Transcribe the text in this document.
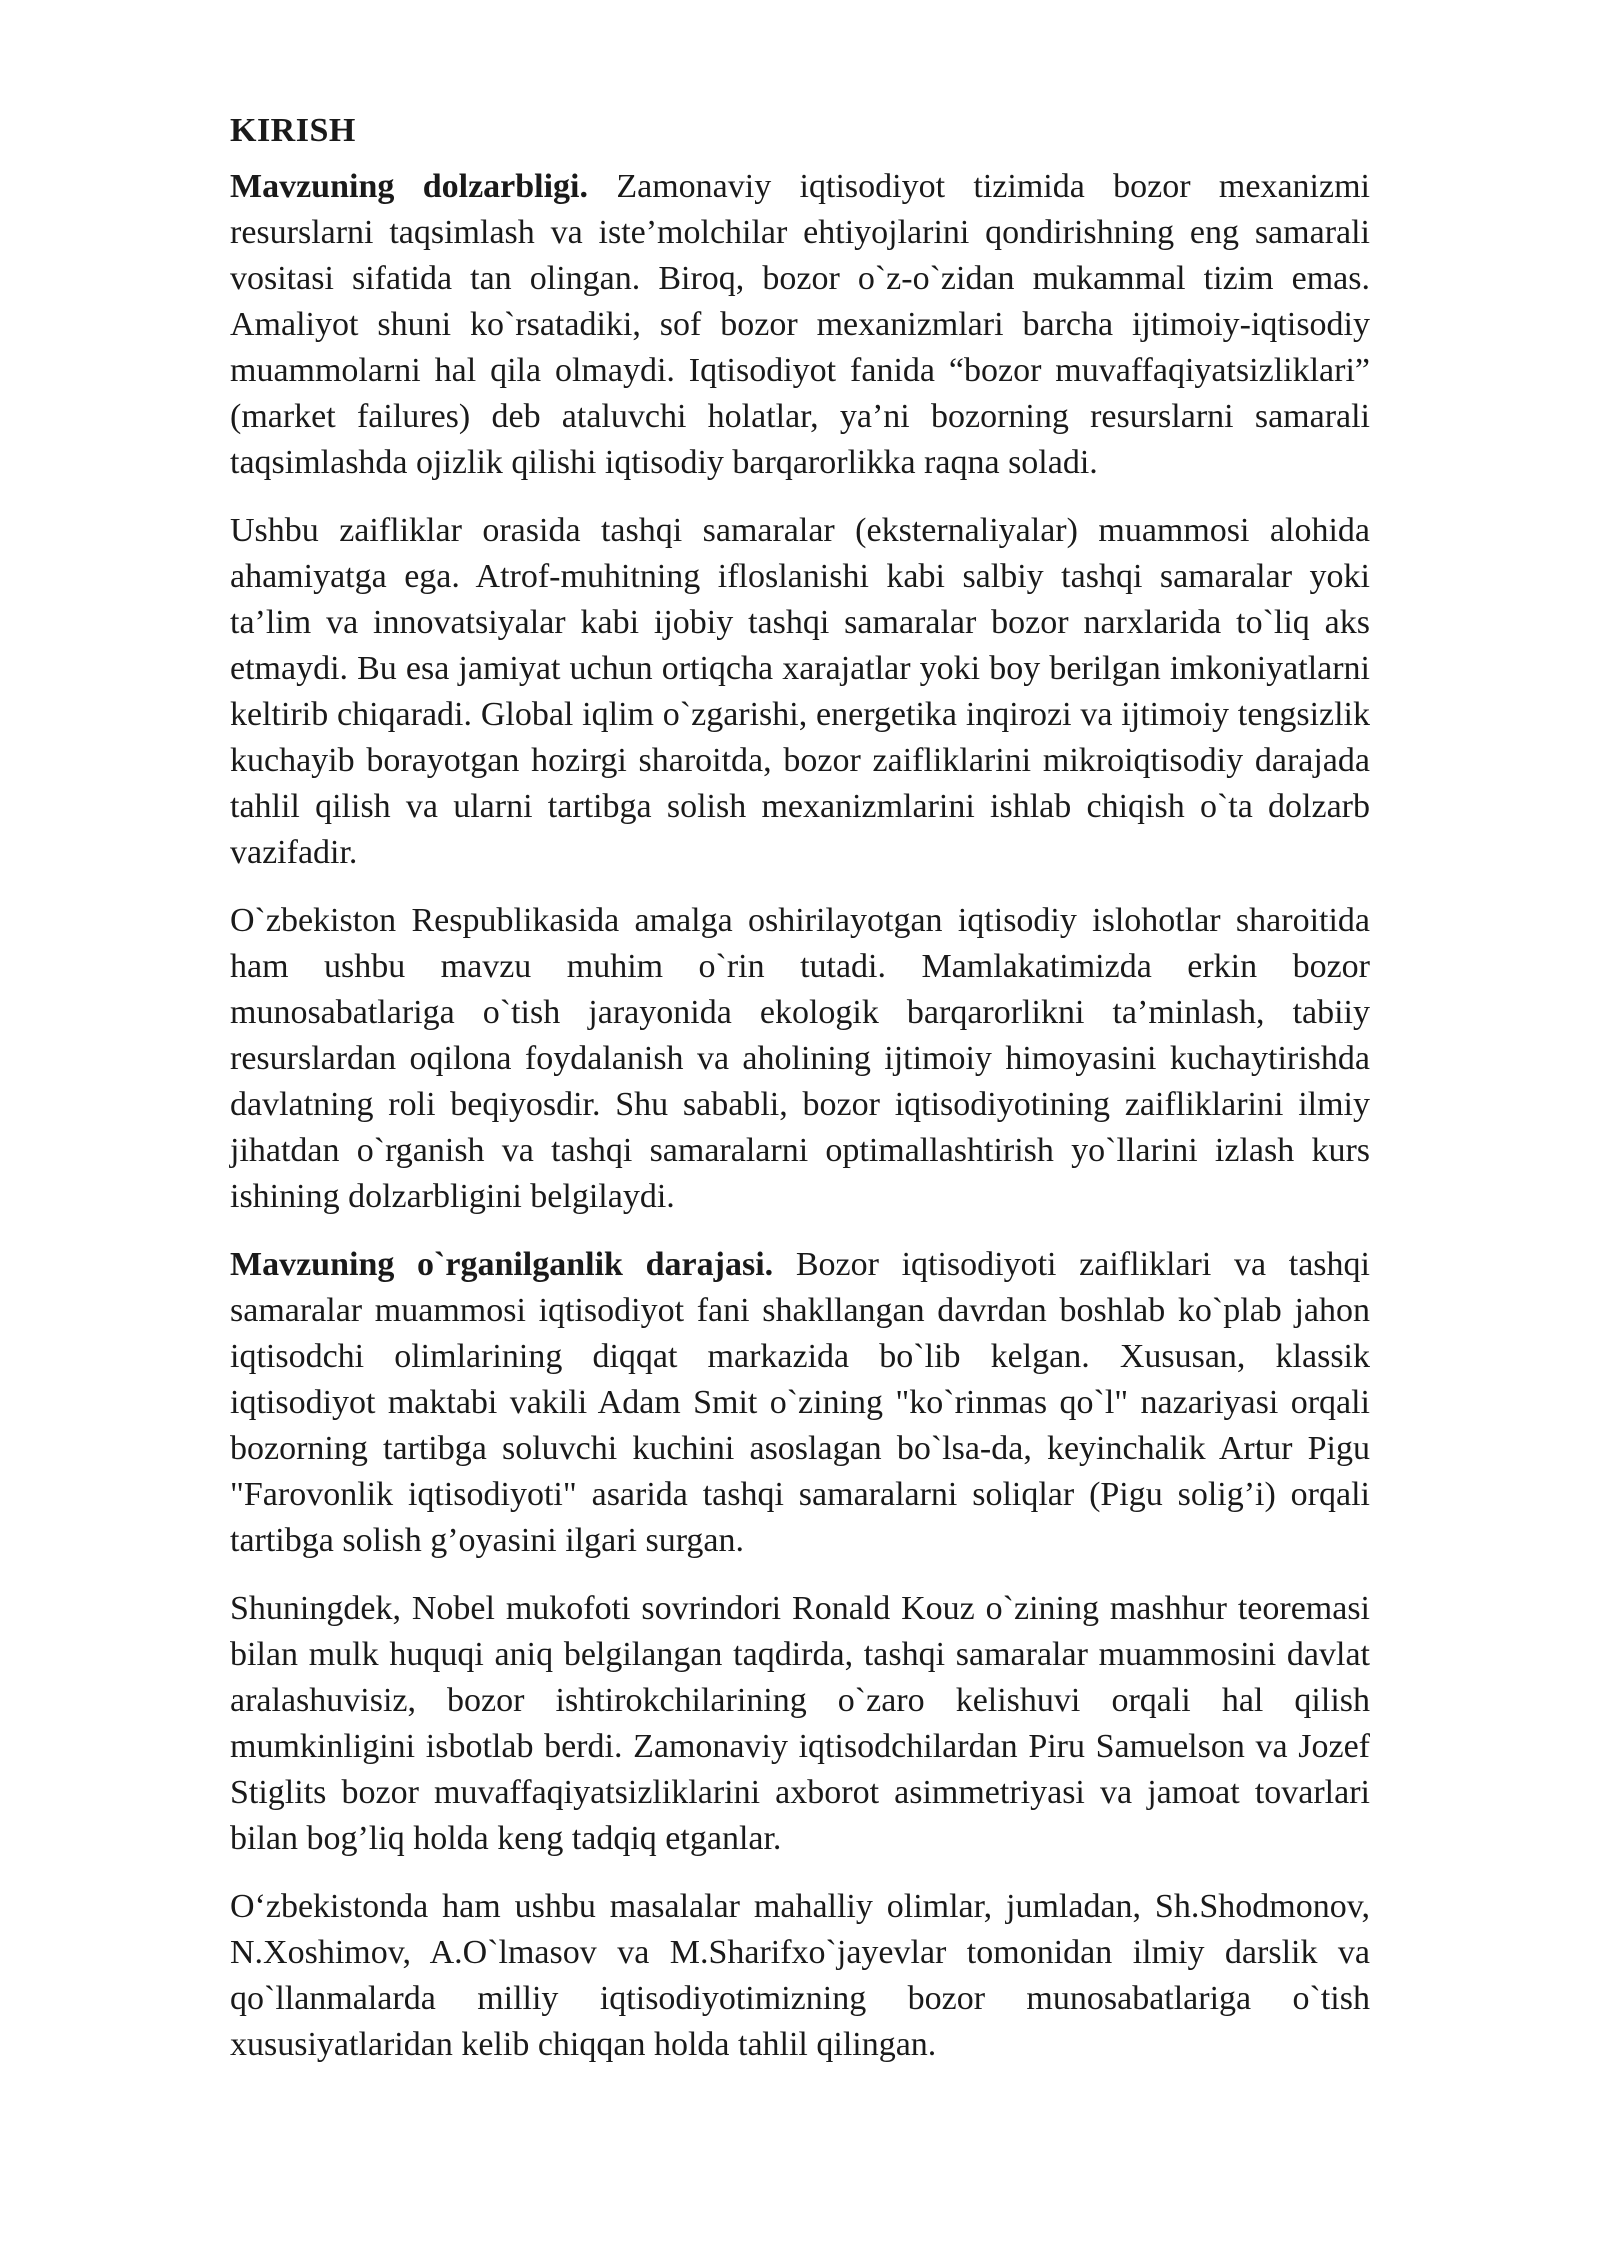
KIRISH

Mavzuning dolzarbligi. Zamonaviy iqtisodiyot tizimida bozor mexanizmi resurslarni taqsimlash va iste’molchilar ehtiyojlarini qondirishning eng samarali vositasi sifatida tan olingan. Biroq, bozor o`z-o`zidan mukammal tizim emas. Amaliyot shuni ko`rsatadiki, sof bozor mexanizmlari barcha ijtimoiy-iqtisodiy muammolarni hal qila olmaydi. Iqtisodiyot fanida “bozor muvaffaqiyatsizliklari” (market failures) deb ataluvchi holatlar, ya’ni bozorning resurslarni samarali taqsimlashda ojizlik qilishi iqtisodiy barqarorlikka raqna soladi.

Ushbu zaifliklar orasida tashqi samaralar (eksternaliyalar) muammosi alohida ahamiyatga ega. Atrof-muhitning ifloslanishi kabi salbiy tashqi samaralar yoki ta’lim va innovatsiyalar kabi ijobiy tashqi samaralar bozor narxlarida to`liq aks etmaydi. Bu esa jamiyat uchun ortiqcha xarajatlar yoki boy berilgan imkoniyatlarni keltirib chiqaradi. Global iqlim o`zgarishi, energetika inqirozi va ijtimoiy tengsizlik kuchayib borayotgan hozirgi sharoitda, bozor zaifliklarini mikroiqtisodiy darajada tahlil qilish va ularni tartibga solish mexanizmlarini ishlab chiqish o`ta dolzarb vazifadir.

O`zbekiston Respublikasida amalga oshirilayotgan iqtisodiy islohotlar sharoitida ham ushbu mavzu muhim o`rin tutadi. Mamlakatimizda erkin bozor munosabatlariga o`tish jarayonida ekologik barqarorlikni ta’minlash, tabiiy resurslardan oqilona foydalanish va aholining ijtimoiy himoyasini kuchaytirishda davlatning roli beqiyosdir. Shu sababli, bozor iqtisodiyotining zaifliklarini ilmiy jihatdan o`rganish va tashqi samaralarni optimallashtirish yo`llarini izlash kurs ishining dolzarbligini belgilaydi.

Mavzuning o`rganilganlik darajasi. Bozor iqtisodiyoti zaifliklari va tashqi samaralar muammosi iqtisodiyot fani shakllangan davrdan boshlab ko`plab jahon iqtisodchi olimlarining diqqat markazida bo`lib kelgan. Xususan, klassik iqtisodiyot maktabi vakili Adam Smit o`zining "ko`rinmas qo`l" nazariyasi orqali bozorning tartibga soluvchi kuchini asoslagan bo`lsa-da, keyinchalik Artur Pigu "Farovonlik iqtisodiyoti" asarida tashqi samaralarni soliqlar (Pigu solig’i) orqali tartibga solish g’oyasini ilgari surgan.

Shuningdek, Nobel mukofoti sovrindori Ronald Kouz o`zining mashhur teoremasi bilan mulk huquqi aniq belgilangan taqdirda, tashqi samaralar muammosini davlat aralashuvisiz, bozor ishtirokchilarining o`zaro kelishuvi orqali hal qilish mumkinligini isbotlab berdi. Zamonaviy iqtisodchilardan Piru Samuelson va Jozef Stiglits bozor muvaffaqiyatsizliklarini axborot asimmetriyasi va jamoat tovarlari bilan bog’liq holda keng tadqiq etganlar.

O‘zbekistonda ham ushbu masalalar mahalliy olimlar, jumladan, Sh.Shodmonov, N.Xoshimov, A.O`lmasov va M.Sharifxo`jayevlar tomonidan ilmiy darslik va qo`llanmalarda milliy iqtisodiyotimizning bozor munosabatlariga o`tish xususiyatlaridan kelib chiqqan holda tahlil qilingan.
